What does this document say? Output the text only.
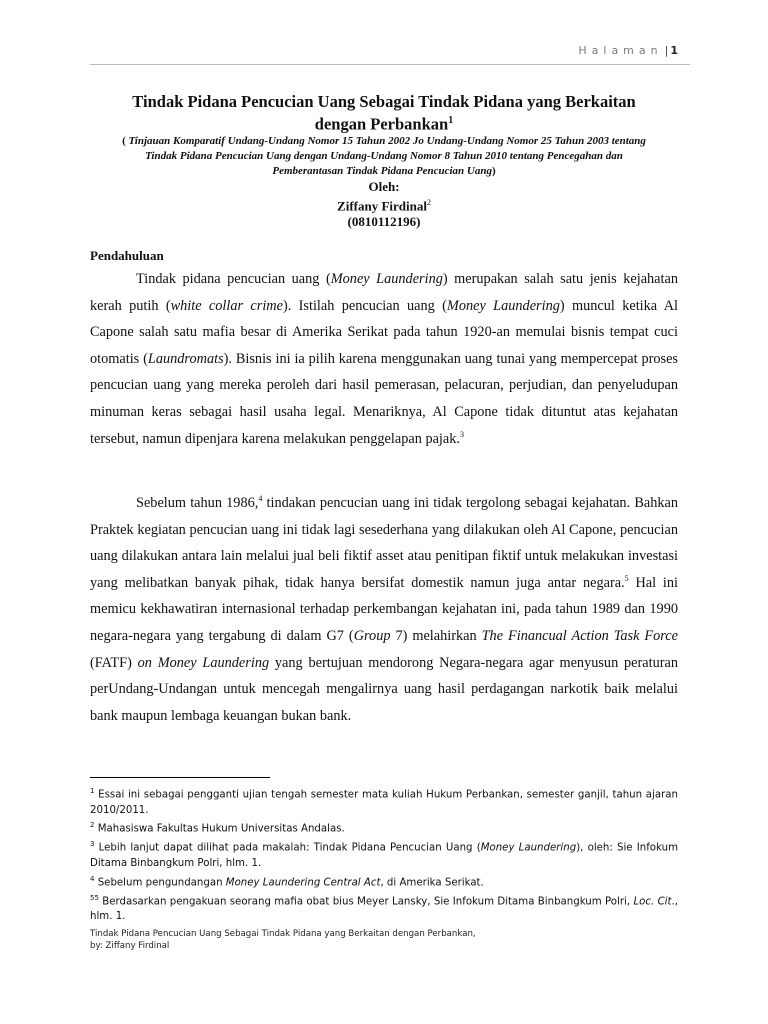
Halaman | 1
Tindak Pidana Pencucian Uang Sebagai Tindak Pidana yang Berkaitan
dengan Perbankan$^1$
( Tinjauan Komparatif Undang-Undang Nomor 15 Tahun 2002 Jo Undang-Undang Nomor 25 Tahun 2003 tentang
Tindak Pidana Pencucian Uang dengan Undang-Undang Nomor 8 Tahun 2010 tentang Pencegahan dan
Pemberantasan Tindak Pidana Pencucian Uang)
Oleh:
Ziffany Firdinal$^2$
(0810112196)
Pendahuluan

Tindak pidana pencucian uang (Money Laundering) merupakan salah satu jenis kejahatan kerah putih (white collar crime). Istilah pencucian uang (Money Laundering) muncul ketika Al Capone salah satu mafia besar di Amerika Serikat pada tahun 1920-an memulai bisnis tempat cuci otomatis (Laundromats). Bisnis ini ia pilih karena menggunakan uang tunai yang mempercepat proses pencucian uang yang mereka peroleh dari hasil pemerasan, pelacuran, perjudian, dan penyeludupan minuman keras sebagai hasil usaha legal. Menariknya, Al Capone tidak dituntut atas kejahatan tersebut, namun dipenjara karena melakukan penggelapan pajak.$^3$

Sebelum tahun 1986,$^4$ tindakan pencucian uang ini tidak tergolong sebagai kejahatan. Bahkan Praktek kegiatan pencucian uang ini tidak lagi sesederhana yang dilakukan oleh Al Capone, pencucian uang dilakukan antara lain melalui jual beli fiktif asset atau penitipan fiktif untuk melakukan investasi yang melibatkan banyak pihak, tidak hanya bersifat domestik namun juga antar negara.$^5$ Hal ini memicu kekhawatiran internasional terhadap perkembangan kejahatan ini, pada tahun 1989 dan 1990 negara-negara yang tergabung di dalam G7 (Group 7) melahirkan The Financual Action Task Force (FATF) on Money Laundering yang bertujuan mendorong Negara-negara agar menyusun peraturan perUndang-Undangan untuk mencegah mengalirnya uang hasil perdagangan narkotik baik melalui bank maupun lembaga keuangan bukan bank.

$^1$ Essai ini sebagai pengganti ujian tengah semester mata kuliah Hukum Perbankan, semester ganjil, tahun ajaran 2010/2011.

$^2$ Mahasiswa Fakultas Hukum Universitas Andalas.

$^3$ Lebih lanjut dapat dilihat pada makalah: Tindak Pidana Pencucian Uang (Money Laundering), oleh: Sie Infokum Ditama Binbangkum Polri, hlm. 1.

$^4$ Sebelum pengundangan Money Laundering Central Act, di Amerika Serikat.

$^{55}$ Berdasarkan pengakuan seorang mafia obat bius Meyer Lansky, Sie Infokum Ditama Binbangkum Polri, Loc. Cit., hlm. 1.

Tindak Pidana Pencucian Uang Sebagai Tindak Pidana yang Berkaitan dengan Perbankan,
by: Ziffany Firdinal
